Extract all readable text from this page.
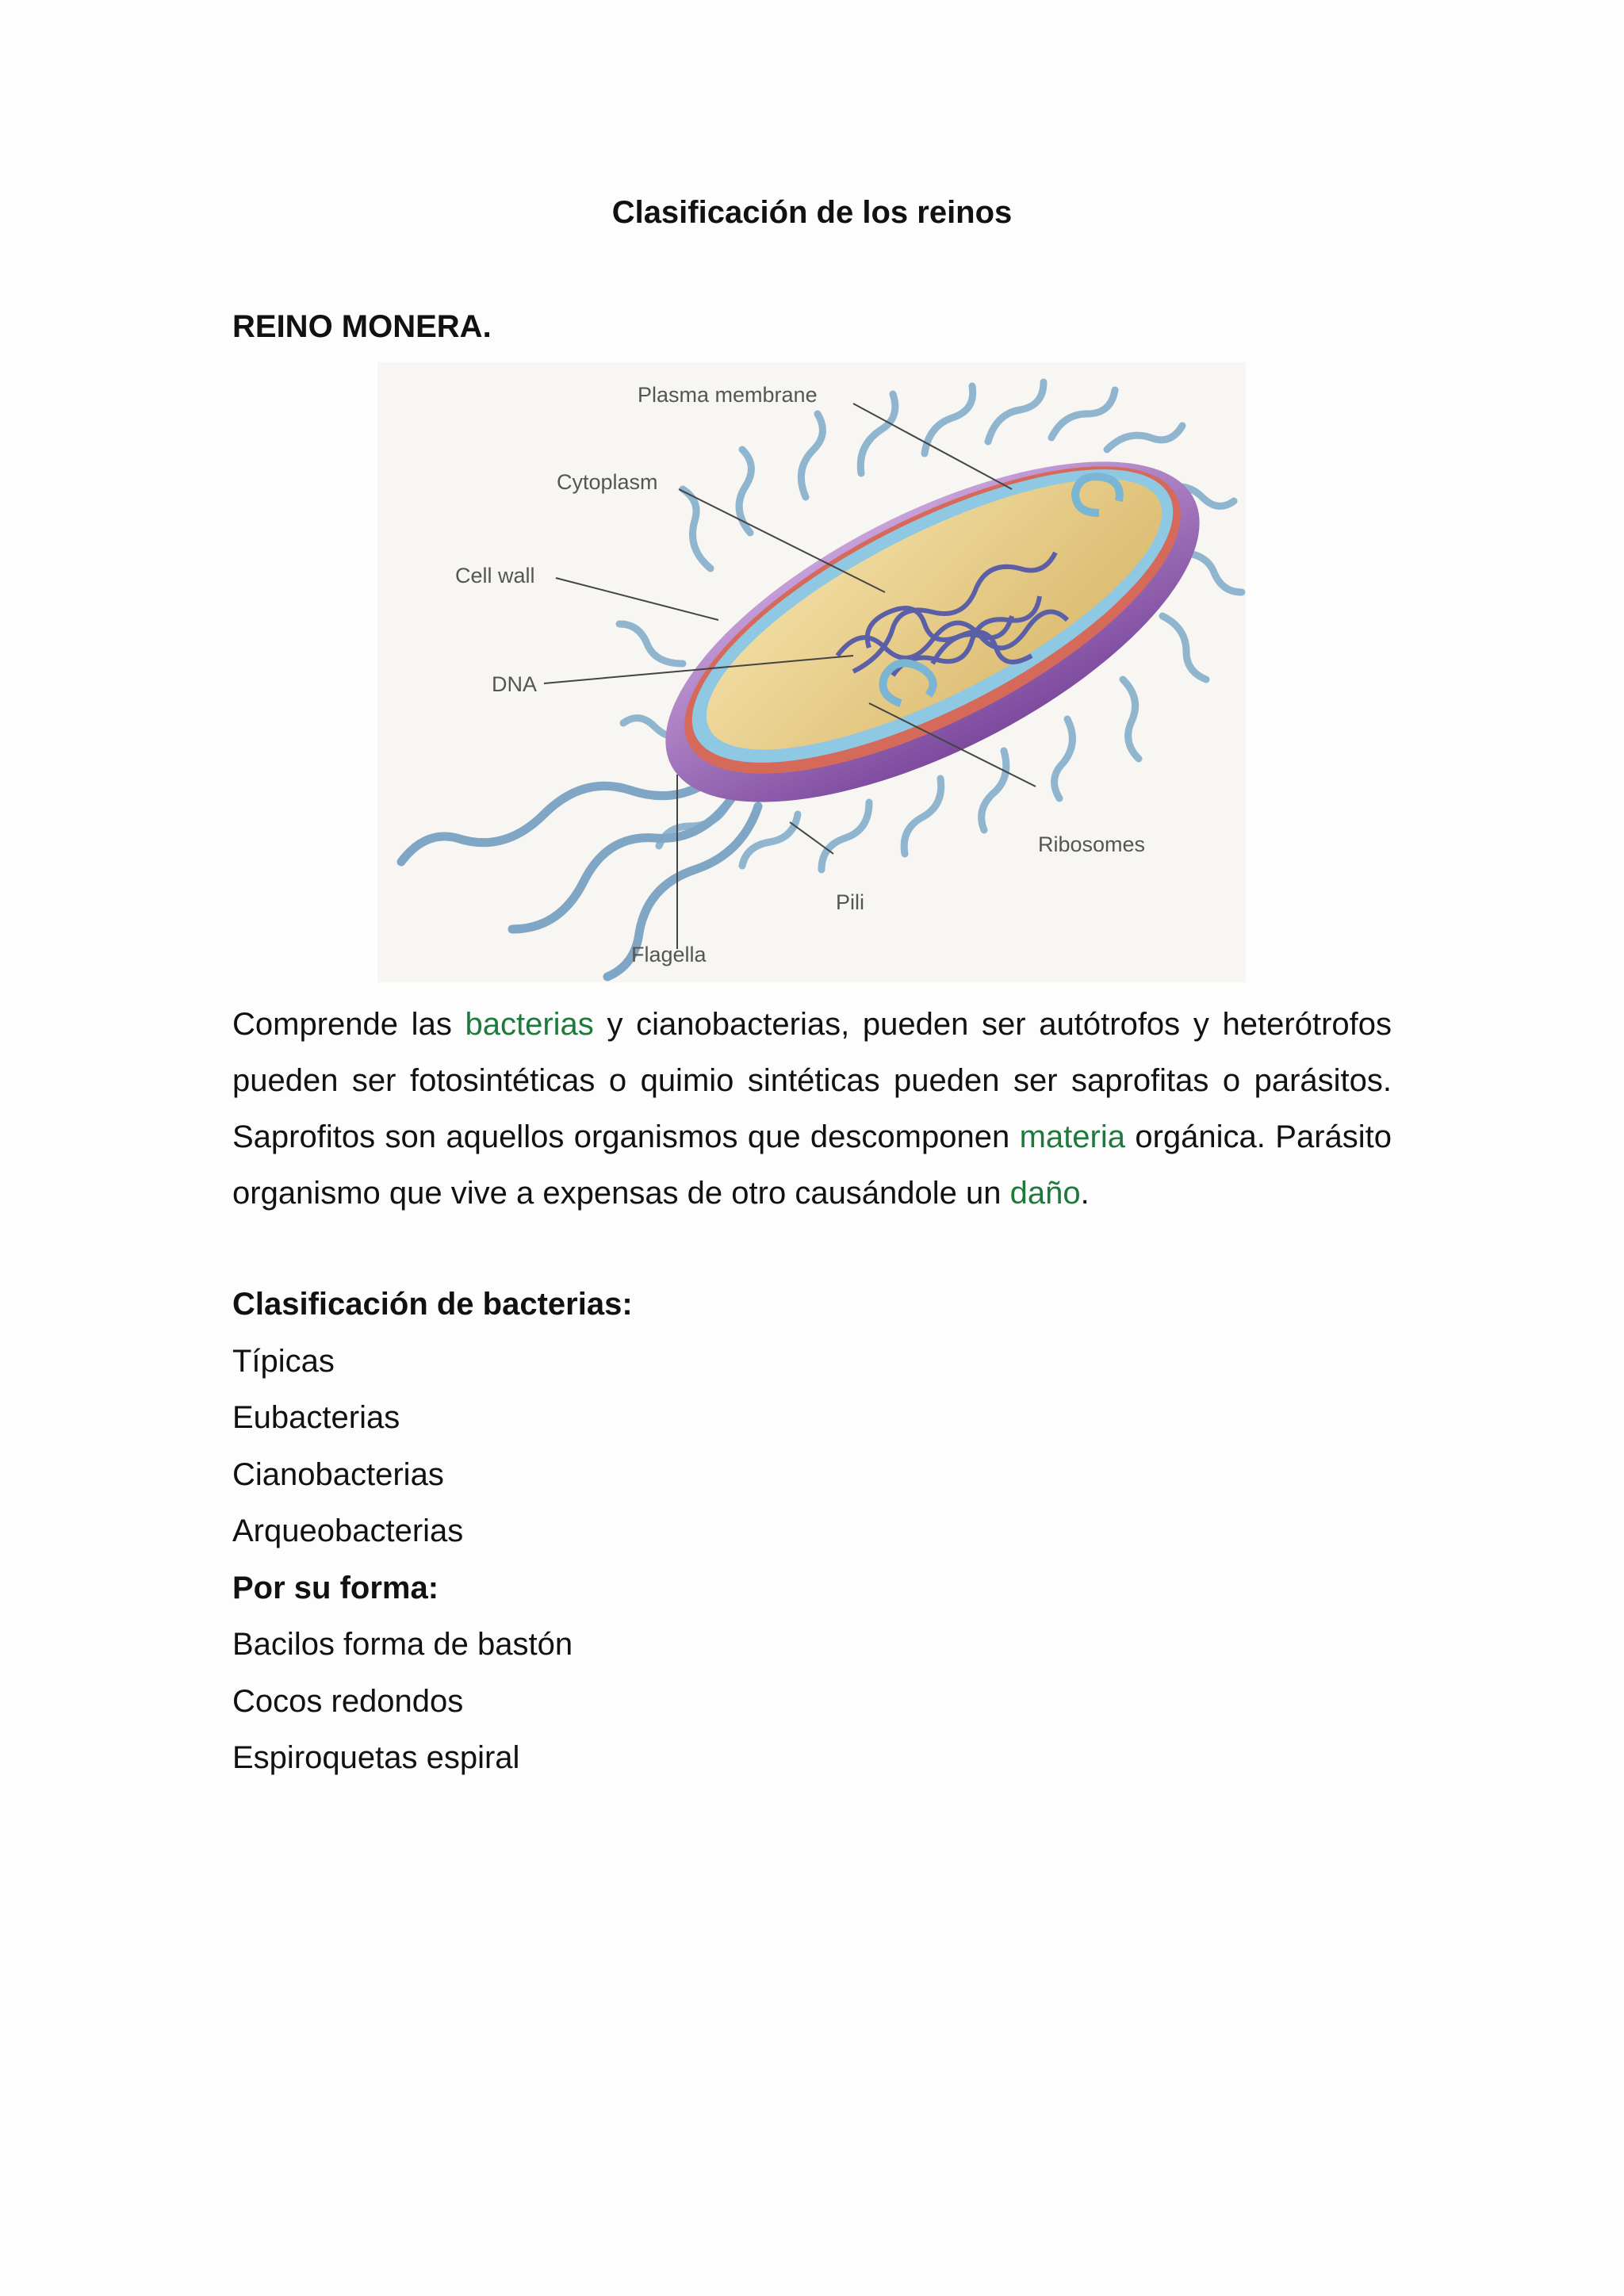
Clasificación de los reinos
REINO MONERA.
Plasma membrane
Cytoplasm
Cell wall
DNA
Ribosomes
Pili
Flagella
Comprende las bacterias y cianobacterias, pueden ser autótrofos y heterótrofos pueden ser fotosintéticas o quimio sintéticas pueden ser saprofitas o parásitos. Saprofitos son aquellos organismos que descomponen materia orgánica. Parásito organismo que vive a expensas de otro causándole un daño.
Clasificación de bacterias:
Típicas
Eubacterias
Cianobacterias
Arqueobacterias
Por su forma:
Bacilos forma de bastón
Cocos redondos
Espiroquetas espiral
